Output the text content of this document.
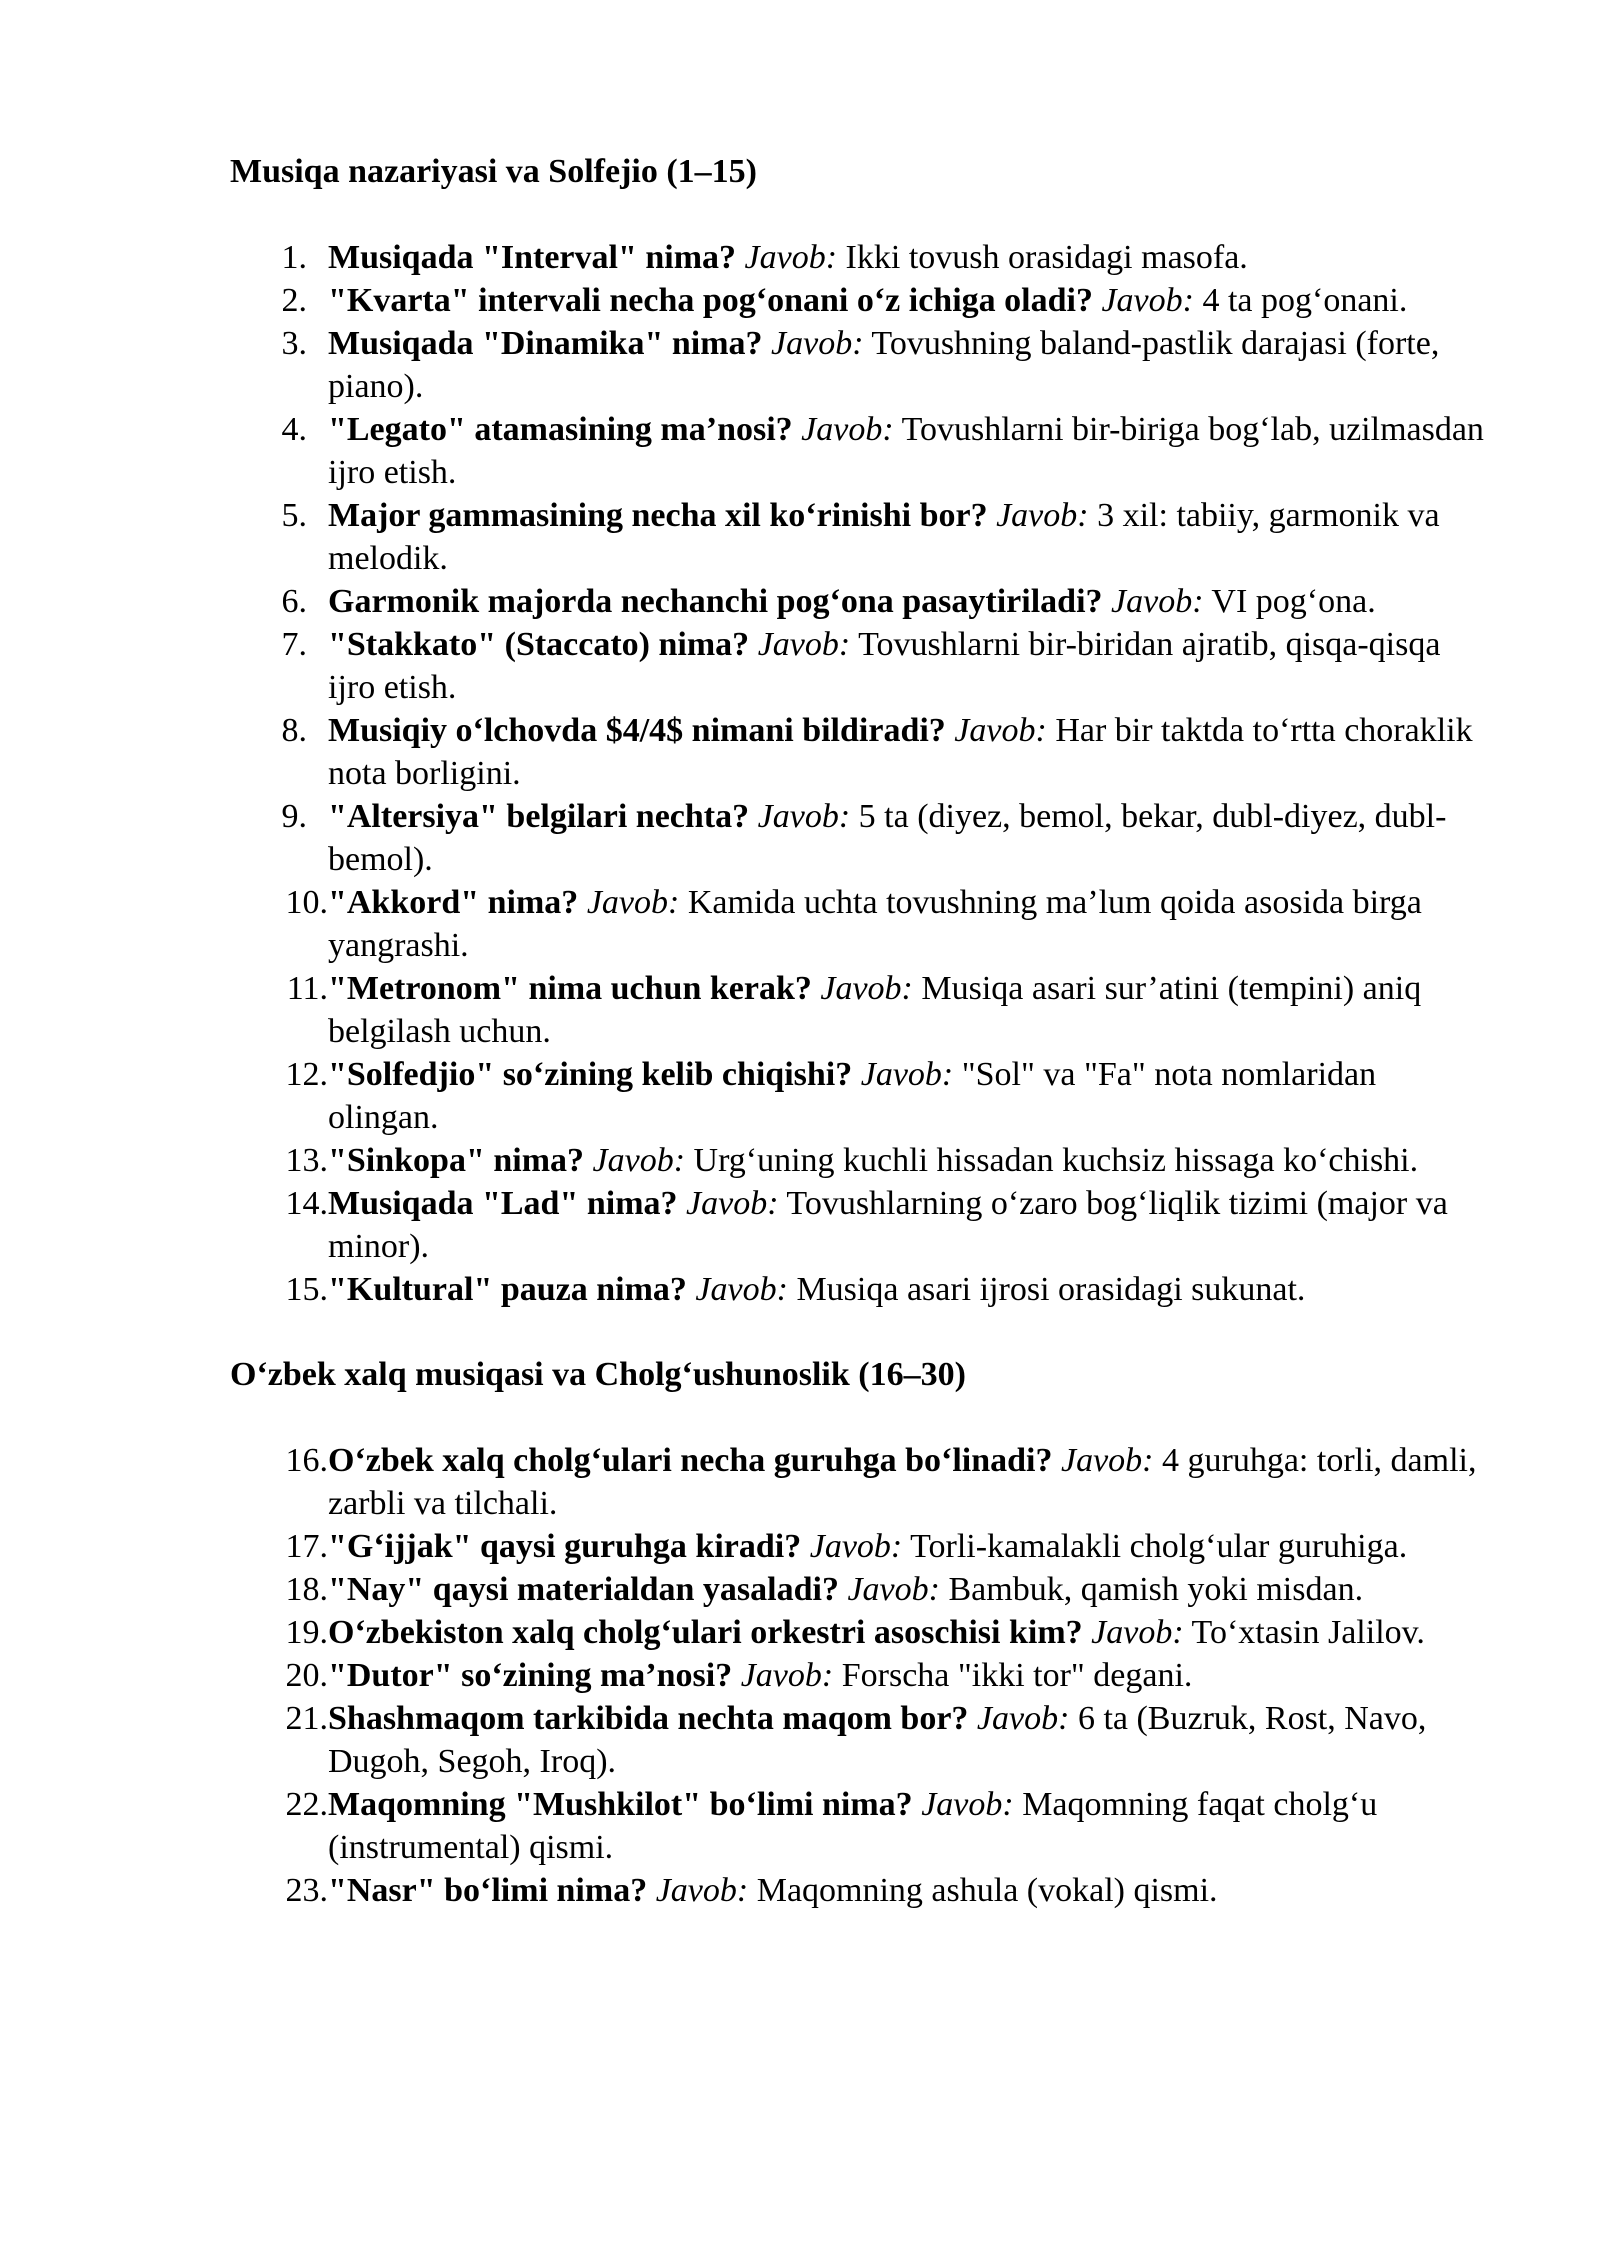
Musiqa nazariyasi va Solfejio (1–15)
1. Musiqada "Interval" nima? Javob: Ikki tovush orasidagi masofa.
2. "Kvarta" intervali necha pog‘onani o‘z ichiga oladi? Javob: 4 ta pog‘onani.
3. Musiqada "Dinamika" nima? Javob: Tovushning baland-pastlik darajasi (forte, piano).
4. "Legato" atamasining ma’nosi? Javob: Tovushlarni bir-biriga bog‘lab, uzilmasdan ijro etish.
5. Major gammasining necha xil ko‘rinishi bor? Javob: 3 xil: tabiiy, garmonik va melodik.
6. Garmonik majorda nechanchi pog‘ona pasaytiriladi? Javob: VI pog‘ona.
7. "Stakkato" (Staccato) nima? Javob: Tovushlarni bir-biridan ajratib, qisqa-qisqa ijro etish.
8. Musiqiy o‘lchovda $4/4$ nimani bildiradi? Javob: Har bir taktda to‘rtta choraklik nota borligini.
9. "Altersiya" belgilari nechta? Javob: 5 ta (diyez, bemol, bekar, dubl-diyez, dubl-bemol).
10. "Akkord" nima? Javob: Kamida uchta tovushning ma’lum qoida asosida birga yangrashi.
11. "Metronom" nima uchun kerak? Javob: Musiqa asari sur’atini (tempini) aniq belgilash uchun.
12. "Solfedjio" so‘zining kelib chiqishi? Javob: "Sol" va "Fa" nota nomlaridan olingan.
13. "Sinkopa" nima? Javob: Urg‘uning kuchli hissadan kuchsiz hissaga ko‘chishi.
14. Musiqada "Lad" nima? Javob: Tovushlarning o‘zaro bog‘liqlik tizimi (major va minor).
15. "Kultural" pauza nima? Javob: Musiqa asari ijrosi orasidagi sukunat.
O‘zbek xalq musiqasi va Cholg‘ushunoslik (16–30)
16. O‘zbek xalq cholg‘ulari necha guruhga bo‘linadi? Javob: 4 guruhga: torli, damli, zarbli va tilchali.
17. "G‘ijjak" qaysi guruhga kiradi? Javob: Torli-kamalakli cholg‘ular guruhiga.
18. "Nay" qaysi materialdan yasaladi? Javob: Bambuk, qamish yoki misdan.
19. O‘zbekiston xalq cholg‘ulari orkestri asoschisi kim? Javob: To‘xtasin Jalilov.
20. "Dutor" so‘zining ma’nosi? Javob: Forscha "ikki tor" degani.
21. Shashmaqom tarkibida nechta maqom bor? Javob: 6 ta (Buzruk, Rost, Navo, Dugoh, Segoh, Iroq).
22. Maqomning "Mushkilot" bo‘limi nima? Javob: Maqomning faqat cholg‘u (instrumental) qismi.
23. "Nasr" bo‘limi nima? Javob: Maqomning ashula (vokal) qismi.
